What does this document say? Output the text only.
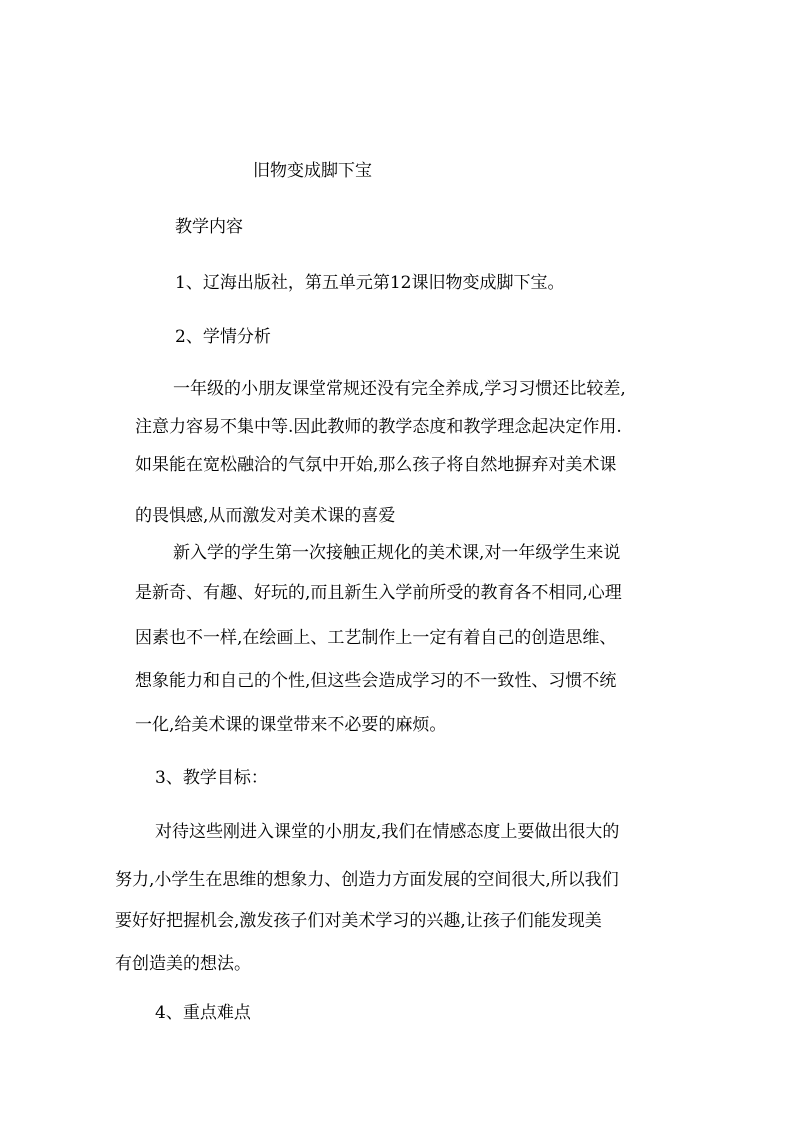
旧物变成脚下宝
教学内容
1、辽海出版社，第五单元第12课旧物变成脚下宝。
2、学情分析
一年级的小朋友课堂常规还没有完全养成,学习习惯还比较差,
注意力容易不集中等.因此教师的教学态度和教学理念起决定作用.
如果能在宽松融洽的气氛中开始,那么孩子将自然地摒弃对美术课
的畏惧感,从而激发对美术课的喜爱
新入学的学生第一次接触正规化的美术课,对一年级学生来说
是新奇、有趣、好玩的,而且新生入学前所受的教育各不相同,心理
因素也不一样,在绘画上、工艺制作上一定有着自己的创造思维、
想象能力和自己的个性,但这些会造成学习的不一致性、习惯不统
一化,给美术课的课堂带来不必要的麻烦。
3、教学目标：
对待这些刚进入课堂的小朋友,我们在情感态度上要做出很大的
努力,小学生在思维的想象力、创造力方面发展的空间很大,所以我们
要好好把握机会,激发孩子们对美术学习的兴趣,让孩子们能发现美
有创造美的想法。
4、重点难点
